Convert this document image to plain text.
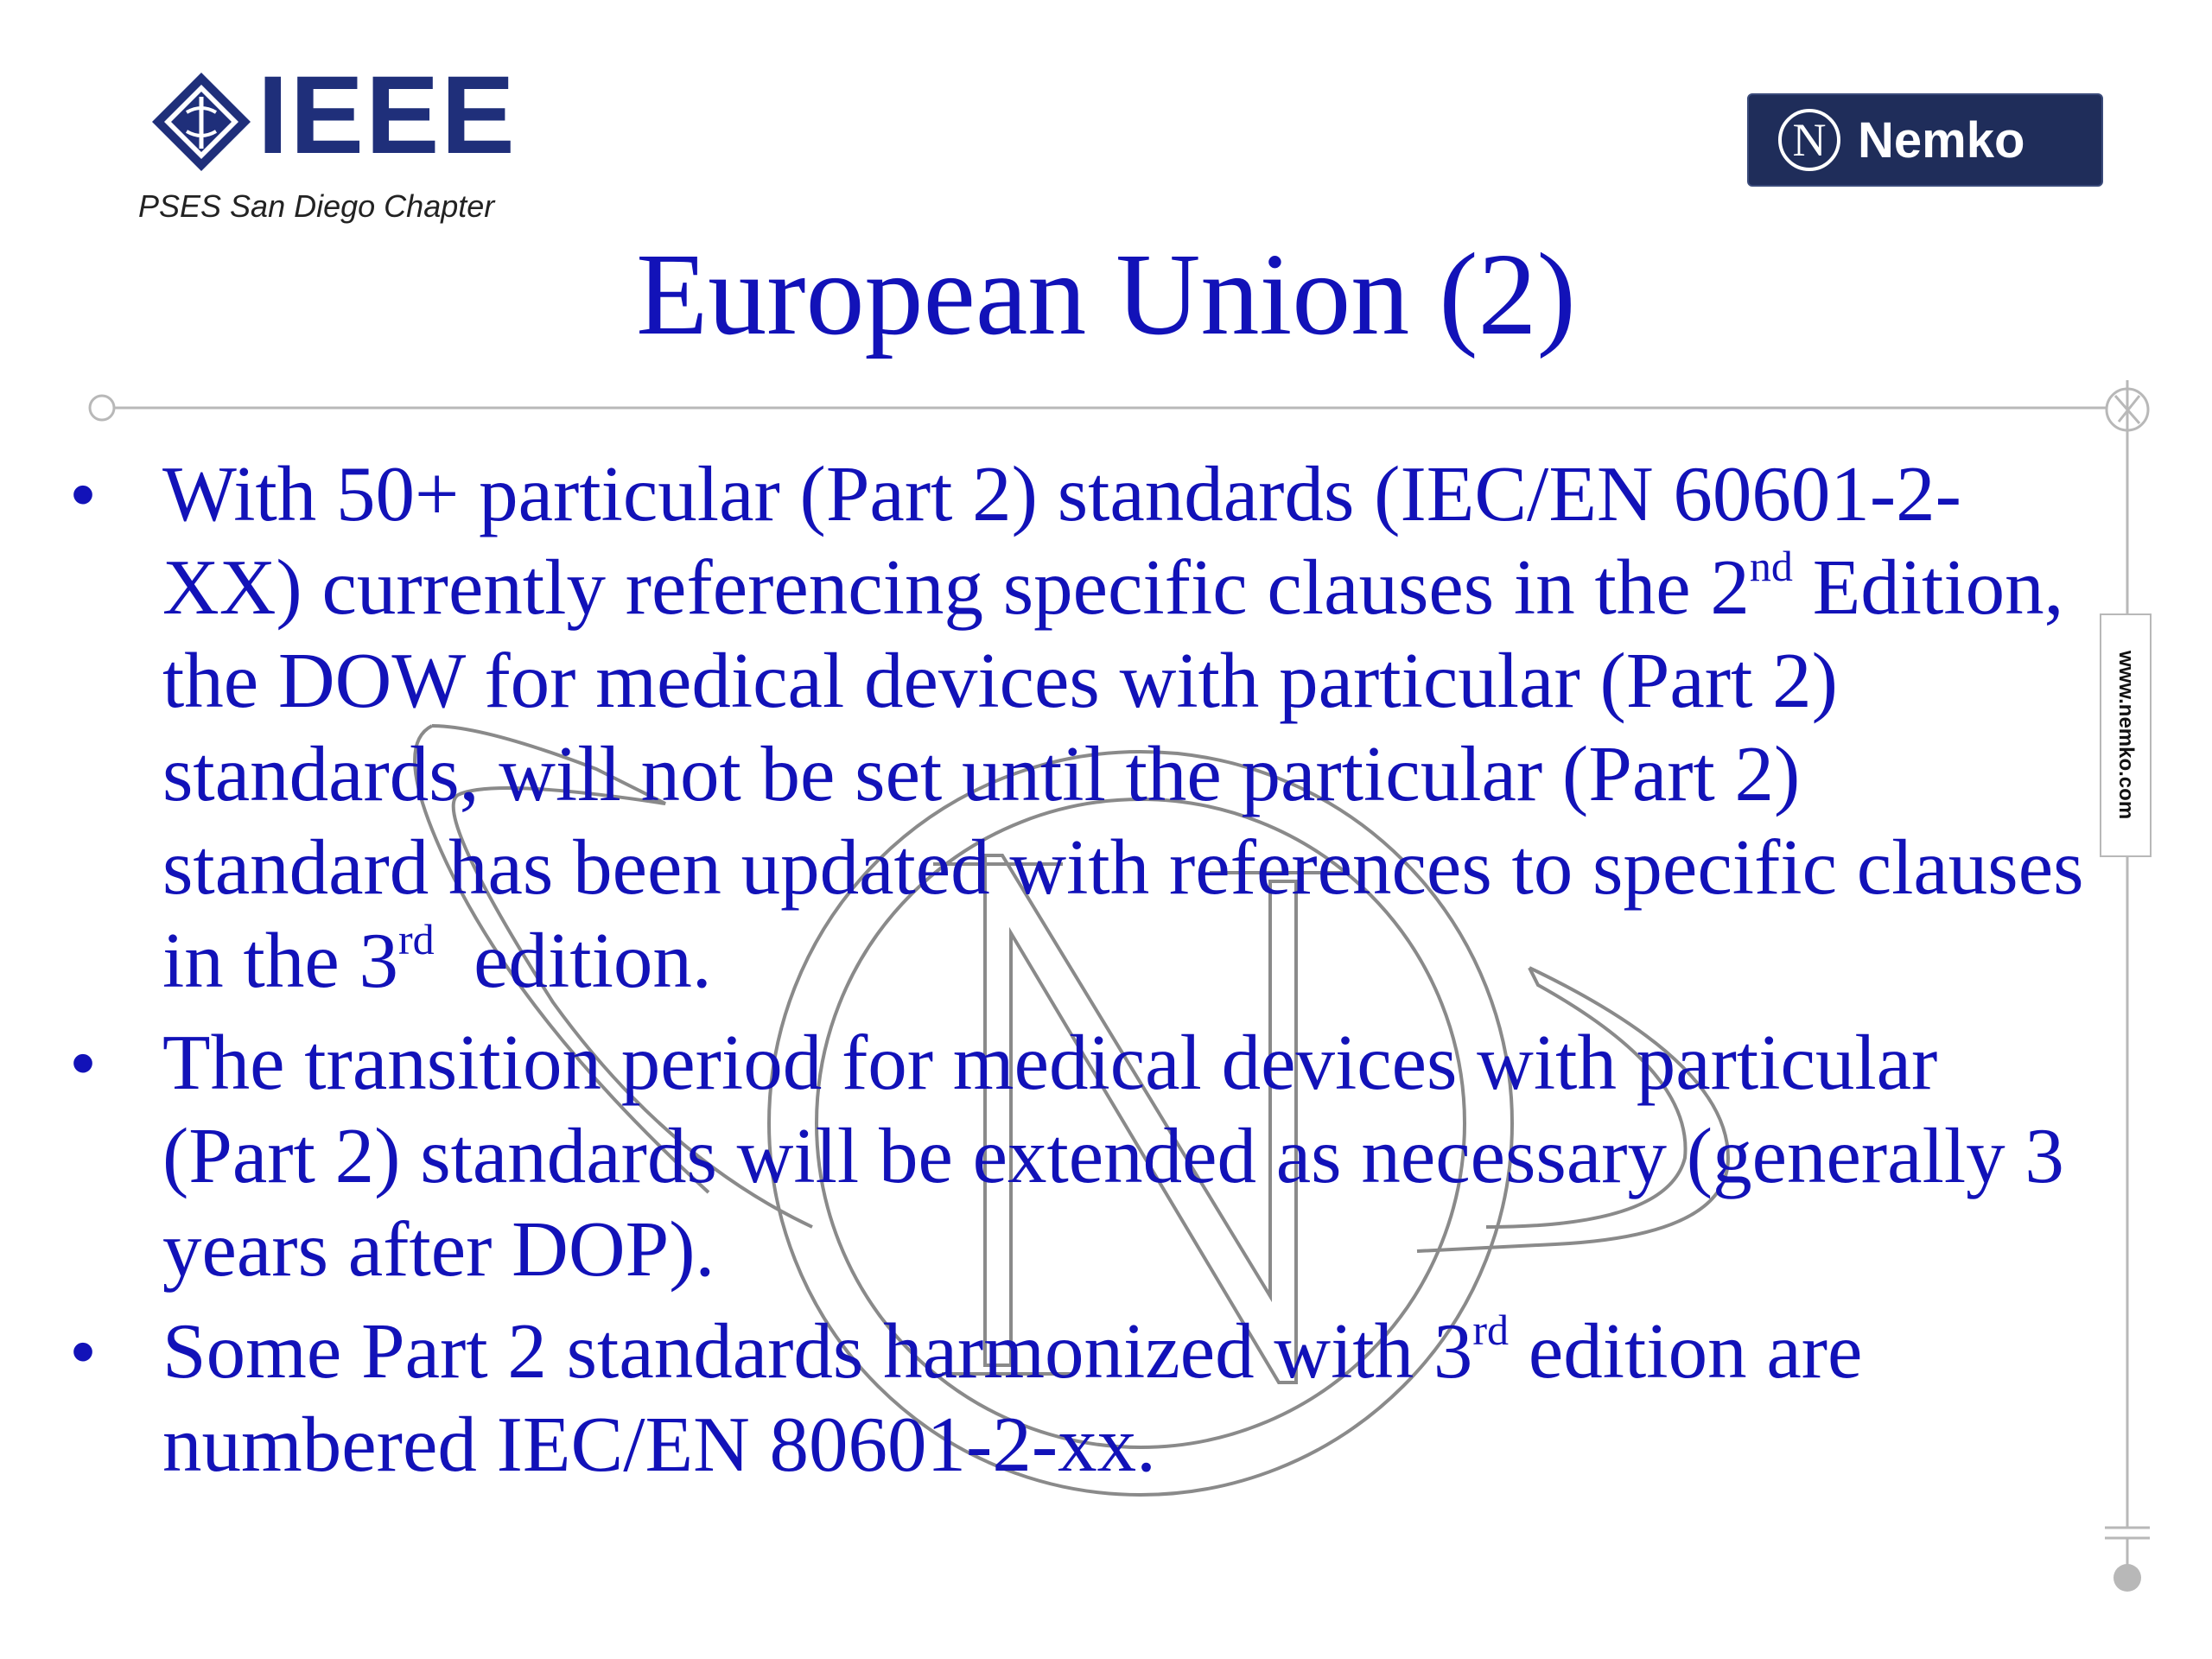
IEEE
PSES San Diego Chapter
N Nemko
European Union (2)
www.nemko.com
• With 50+ particular (Part 2) standards (IEC/EN 60601-2-XX) currently referencing specific clauses in the 2nd Edition, the DOW for medical devices with particular (Part 2) standards, will not be set until the particular (Part 2) standard has been updated with references to specific clauses in the 3rd  edition.
• The transition period for medical devices with particular (Part 2) standards will be extended as necessary (generally 3 years after DOP).
• Some Part 2 standards harmonized with 3rd edition are numbered IEC/EN 80601-2-xx.
